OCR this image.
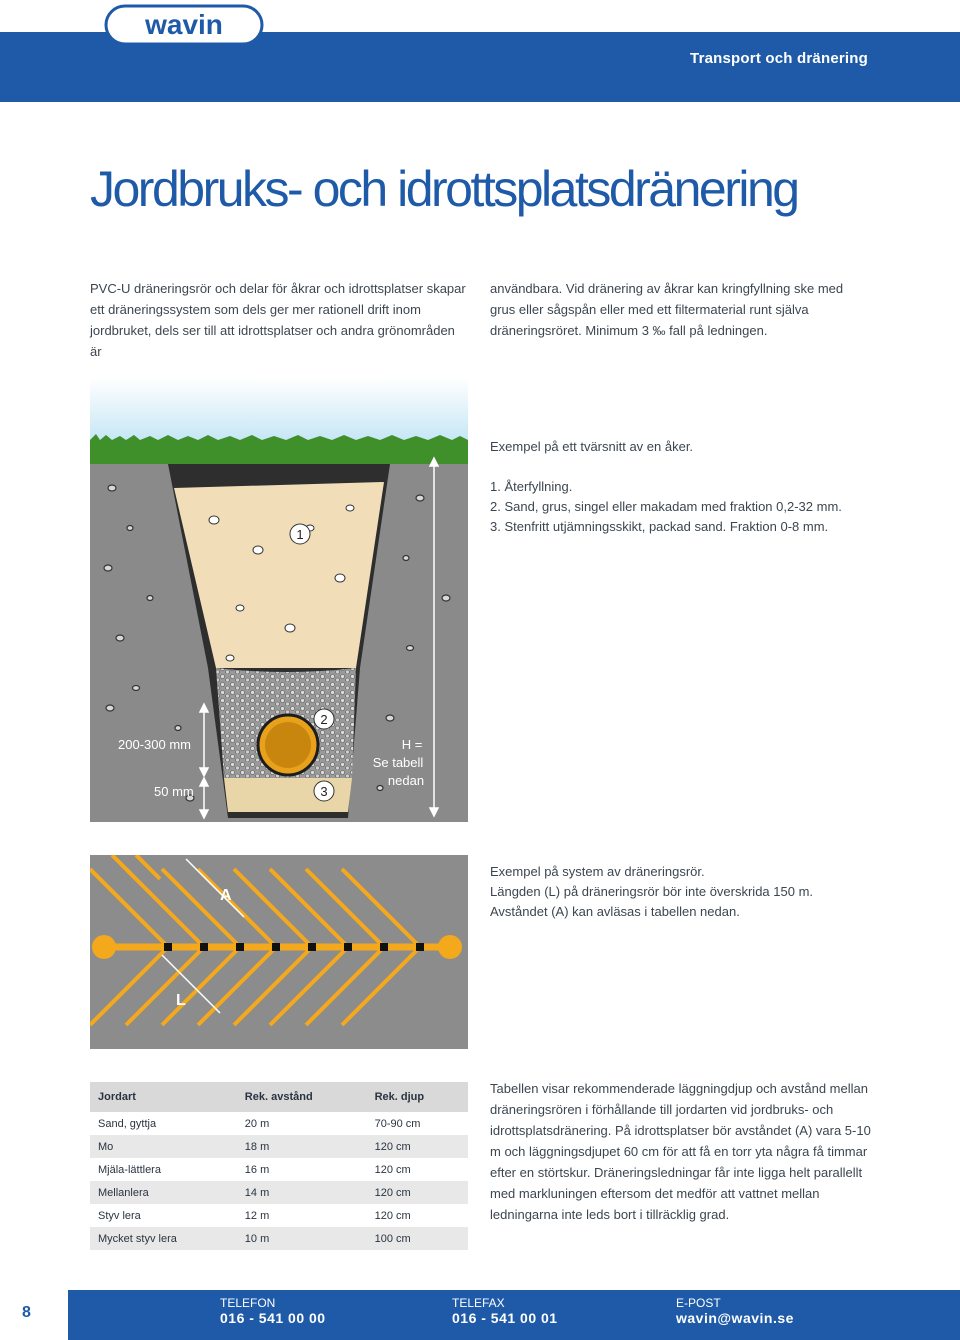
wavin
Transport och dränering
Jordbruks- och idrottsplatsdränering
PVC-U dräneringsrör och delar för åkrar och idrottsplatser skapar ett dräneringssystem som dels ger mer rationell drift inom jordbruket, dels ser till att idrottsplatser och andra grönområden är
användbara. Vid dränering av åkrar kan kringfyllning ske med grus eller sågspån eller med ett filtermaterial runt själva dräneringsröret. Minimum 3 ‰ fall på ledningen.
1
2
3
200-300 mm
50 mm
H =
Se tabell
nedan

Exempel på ett tvärsnitt av en åker.

1. Återfyllning.
2. Sand, grus, singel eller makadam med fraktion 0,2-32 mm.
3. Stenfritt utjämningsskikt, packad sand. Fraktion 0-8 mm.
A
L

Exempel på system av dräneringsrör.

Längden (L) på dräneringsrör bör inte överskrida 150 m.

Avståndet (A) kan avläsas i tabellen nedan.

Jordart	Rek. avstånd	Rek. djup
Sand, gyttja	20 m	70-90 cm
Mo	18 m	120 cm
Mjäla-lättlera	16 m	120 cm
Mellanlera	14 m	120 cm
Styv lera	12 m	120 cm
Mycket styv lera	10 m	100 cm
Tabellen visar rekommenderade läggningdjup och avstånd mellan dräneringsrören i förhållande till jordarten vid jordbruks- och idrottsplatsdränering. På idrottsplatser bör avståndet (A) vara 5-10 m och läggningsdjupet 60 cm för att få en torr yta några få timmar efter en störtskur. Dräneringsledningar får inte ligga helt parallellt med markluningen eftersom det medför att vattnet mellan ledningarna inte leds bort i tillräcklig grad.
8
TELEFON
016 - 541 00 00
TELEFAX
016 - 541 00 01
E-POST
wavin@wavin.se
